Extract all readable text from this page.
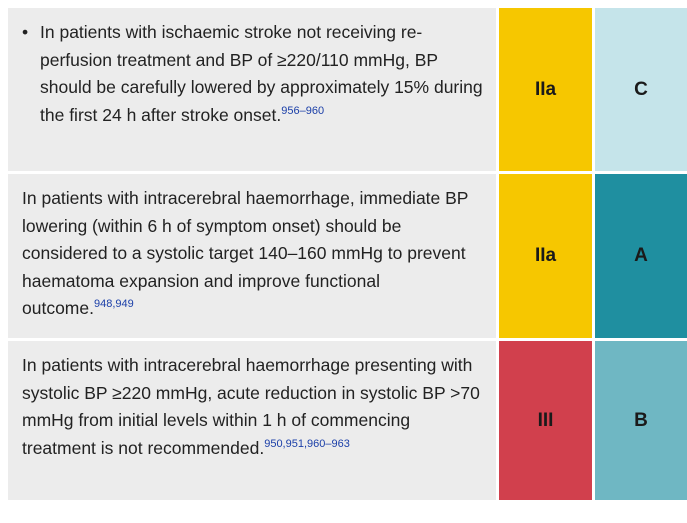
• In patients with ischaemic stroke not receiving re-perfusion treatment and BP of ≥220/110 mmHg, BP should be carefully lowered by approximately 15% during the first 24 h after stroke onset.$^{956-960}$
IIa	C
In patients with intracerebral haemorrhage, immediate BP lowering (within 6 h of symptom onset) should be considered to a systolic target 140–160 mmHg to prevent haematoma expansion and improve functional outcome.$^{948,949}$
IIa	A
In patients with intracerebral haemorrhage presenting with systolic BP ≥220 mmHg, acute reduction in systolic BP >70 mmHg from initial levels within 1 h of commencing treatment is not recommended.$^{950,951,960-963}$
III	B
